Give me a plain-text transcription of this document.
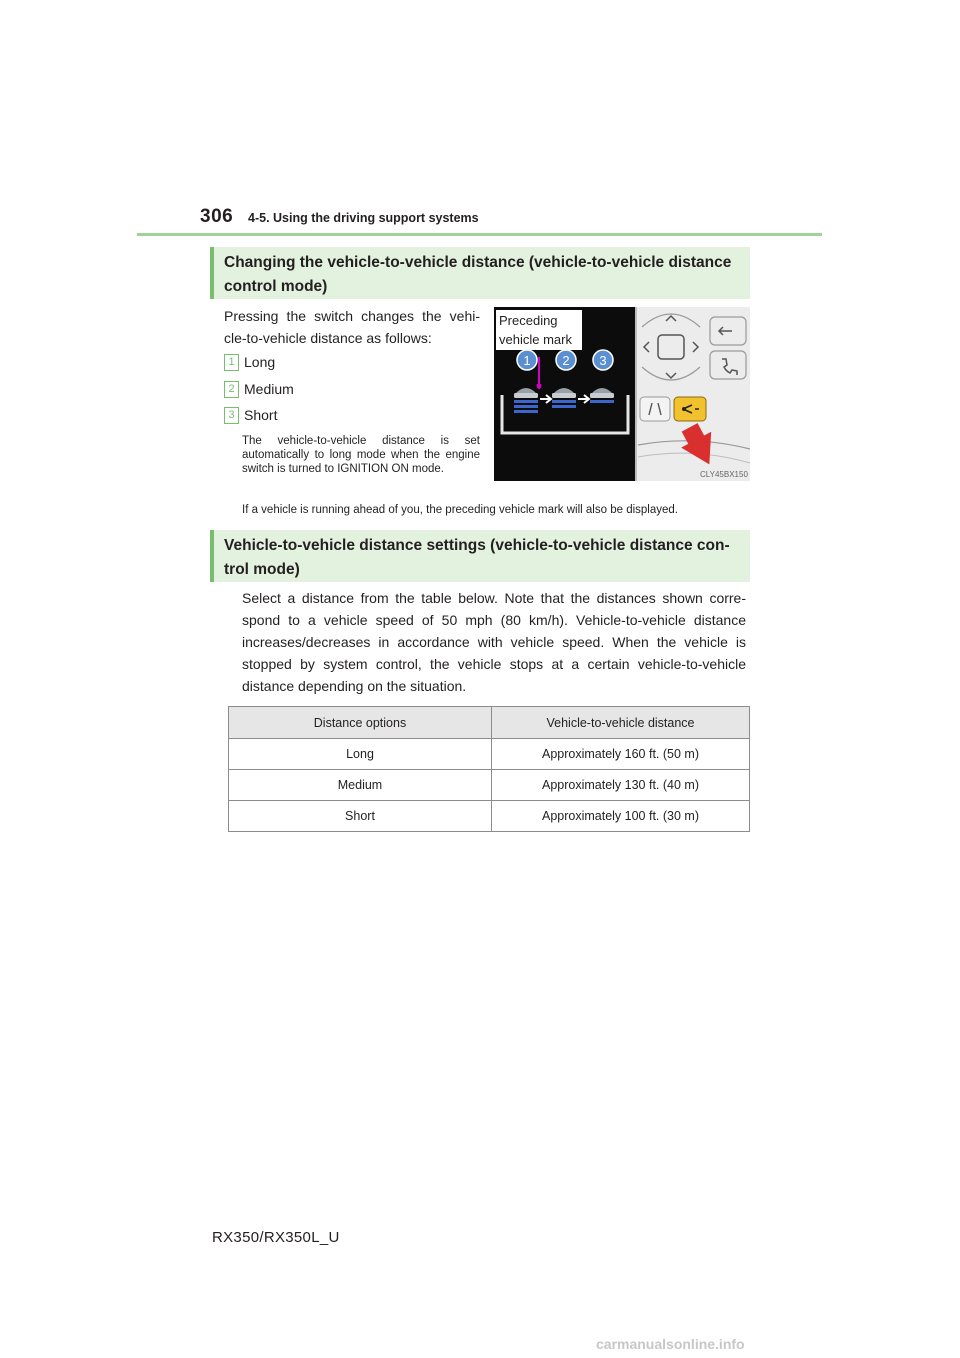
306 4-5. Using the driving support systems
Changing the vehicle-to-vehicle distance (vehicle-to-vehicle distance control mode)
Pressing the switch changes the vehi-cle-to-vehicle distance as follows:
1 Long
2 Medium
3 Short
The vehicle-to-vehicle distance is set automatically to long mode when the engine switch is turned to IGNITION ON mode.	CLY45BX150
1 2 3
Preceding vehicle mark
If a vehicle is running ahead of you, the preceding vehicle mark will also be displayed.
Vehicle-to-vehicle distance settings (vehicle-to-vehicle distance con-trol mode)
Select a distance from the table below. Note that the distances shown corre-spond to a vehicle speed of 50 mph (80 km/h). Vehicle-to-vehicle distance increases/decreases in accordance with vehicle speed. When the vehicle is stopped by system control, the vehicle stops at a certain vehicle-to-vehicle distance depending on the situation.
Distance options	Vehicle-to-vehicle distance
Long	Approximately 160 ft. (50 m)
Medium	Approximately 130 ft. (40 m)
Short	Approximately 100 ft. (30 m)
RX350/RX350L_U
carmanualsonline.info
